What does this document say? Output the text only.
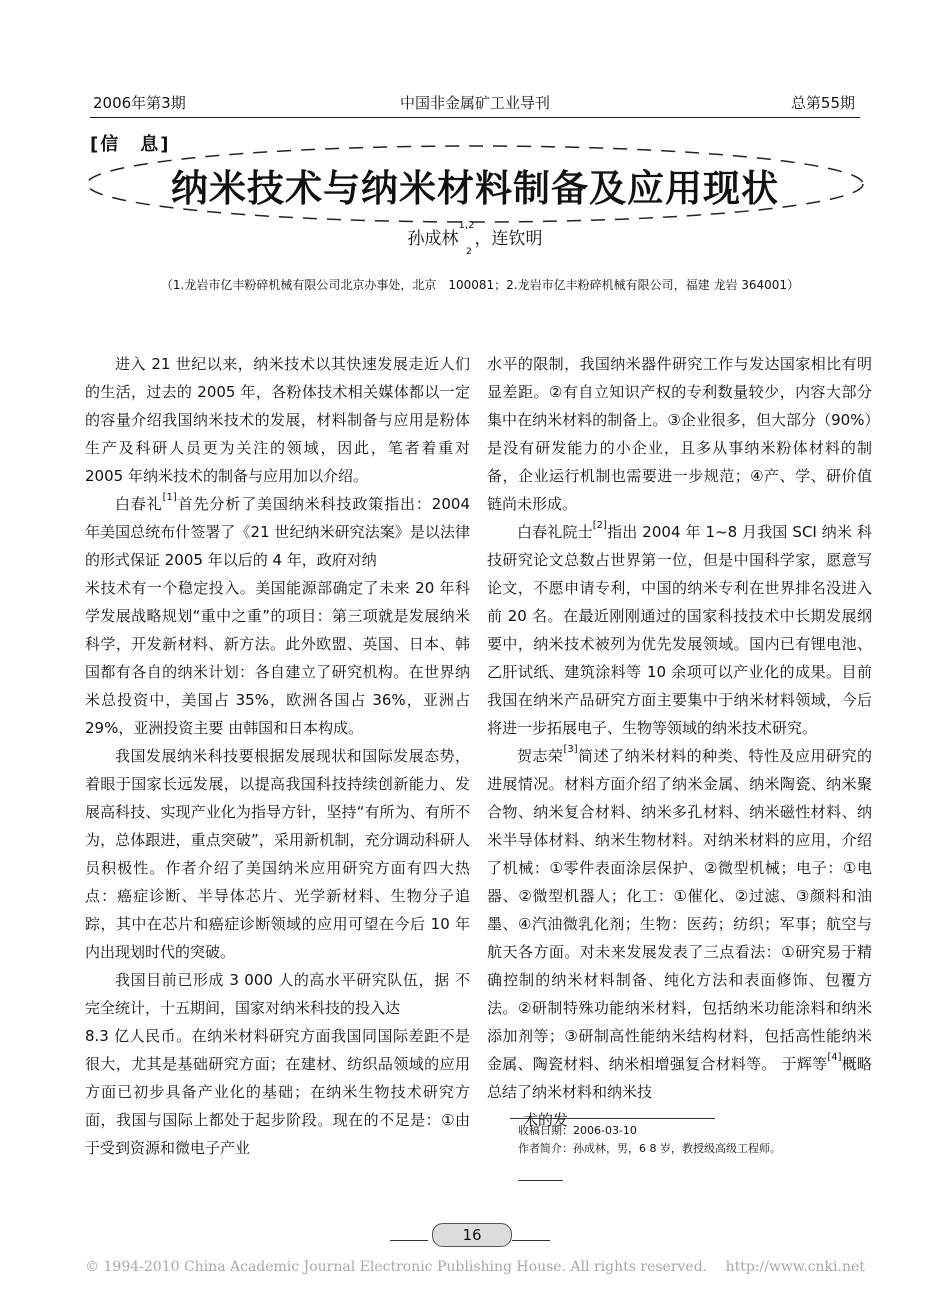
2006年第3期	中国非金属矿工业导刊	总第55期
[信　息]
纳米技术与纳米材料制备及应用现状
孙成林$^{1,2}$，连钦明
2
（1.龙岩市亿丰粉碎机械有限公司北京办事处，北京　100081；2.龙岩市亿丰粉碎机械有限公司，福建 龙岩 364001）

进入 21 世纪以来，纳米技术以其快速发展走近人们的生活，过去的 2005 年，各粉体技术相关媒体都以一定的容量介绍我国纳米技术的发展，材料制备与应用是粉体生产及科研人员更为关注的领域，因此，笔者着重对 2005 年纳米技术的制备与应用加以介绍。

白春礼[1]首先分析了美国纳米科技政策指出：2004 年美国总统布什签署了《21 世纪纳米研究法案》是以法律的形式保证 2005 年以后的 4 年，政府对纳

米技术有一个稳定投入。美国能源部确定了未来 20 年科学发展战略规划“重中之重”的项目：第三项就是发展纳米科学，开发新材料、新方法。此外欧盟、英国、日本、韩国都有各自的纳米计划：各自建立了研究机构。在世界纳米总投资中，美国占 35%，欧洲各国占 36%，亚洲占 29%，亚洲投资主要 由韩国和日本构成。

我国发展纳米科技要根据发展现状和国际发展态势，着眼于国家长远发展，以提高我国科技持续创新能力、发展高科技、实现产业化为指导方针，坚持“有所为、有所不为，总体跟进，重点突破”，采用新机制，充分调动科研人员积极性。作者介绍了美国纳米应用研究方面有四大热点：癌症诊断、半导体芯片、光学新材料、生物分子追踪，其中在芯片和癌症诊断领域的应用可望在今后 10 年内出现划时代的突破。

我国目前已形成 3 000 人的高水平研究队伍，据 不完全统计，十五期间，国家对纳米科技的投入达

8.3 亿人民币。在纳米材料研究方面我国同国际差距不是很大，尤其是基础研究方面；在建材、纺织品领域的应用方面已初步具备产业化的基础；在纳米生物技术研究方面，我国与国际上都处于起步阶段。现在的不足是：①由于受到资源和微电子产业

水平的限制，我国纳米器件研究工作与发达国家相比有明显差距。②有自立知识产权的专利数量较少，内容大部分集中在纳米材料的制备上。③企业很多，但大部分（90%）是没有研发能力的小企业，且多从事纳米粉体材料的制备，企业运行机制也需要进一步规范；④产、学、研价值链尚未形成。

白春礼院士[2]指出 2004 年 1~8 月我国 SCI 纳米 科技研究论文总数占世界第一位，但是中国科学家，愿意写论文，不愿申请专利，中国的纳米专利在世界排名没进入前 20 名。在最近刚刚通过的国家科技技术中长期发展纲要中，纳米技术被列为优先发展领域。国内已有锂电池、乙肝试纸、建筑涂料等 10 余项可以产业化的成果。目前我国在纳米产品研究方面主要集中于纳米材料领域，今后将进一步拓展电子、生物等领域的纳米技术研究。

贺志荣[3]简述了纳米材料的种类、特性及应用研究的进展情况。材料方面介绍了纳米金属、纳米陶瓷、纳米聚合物、纳米复合材料、纳米多孔材料、纳米磁性材料、纳米半导体材料、纳米生物材料。对纳米材料的应用，介绍了机械：①零件表面涂层保护、②微型机械；电子：①电器、②微型机器人；化工：①催化、②过滤、③颜料和油墨、④汽油微乳化剂；生物：医药；纺织；军事；航空与航天各方面。对未来发展发表了三点看法：①研究易于精确控制的纳米材料制备、纯化方法和表面修饰、包覆方法。②研制特殊功能纳米材料，包括纳米功能涂料和纳米添加剂等；③研制高性能纳米结构材料，包括高性能纳米金属、陶瓷材料、纳米相增强复合材料等。 于辉等[4]概略总结了纳米材料和纳米技

术的发

收稿日期：2006-03-10
作者简介：孙成林，男，6 8 岁，教授级高级工程师。
16
© 1994-2010 China Academic Journal Electronic Publishing House. All rights reserved.　 http://www.cnki.net
